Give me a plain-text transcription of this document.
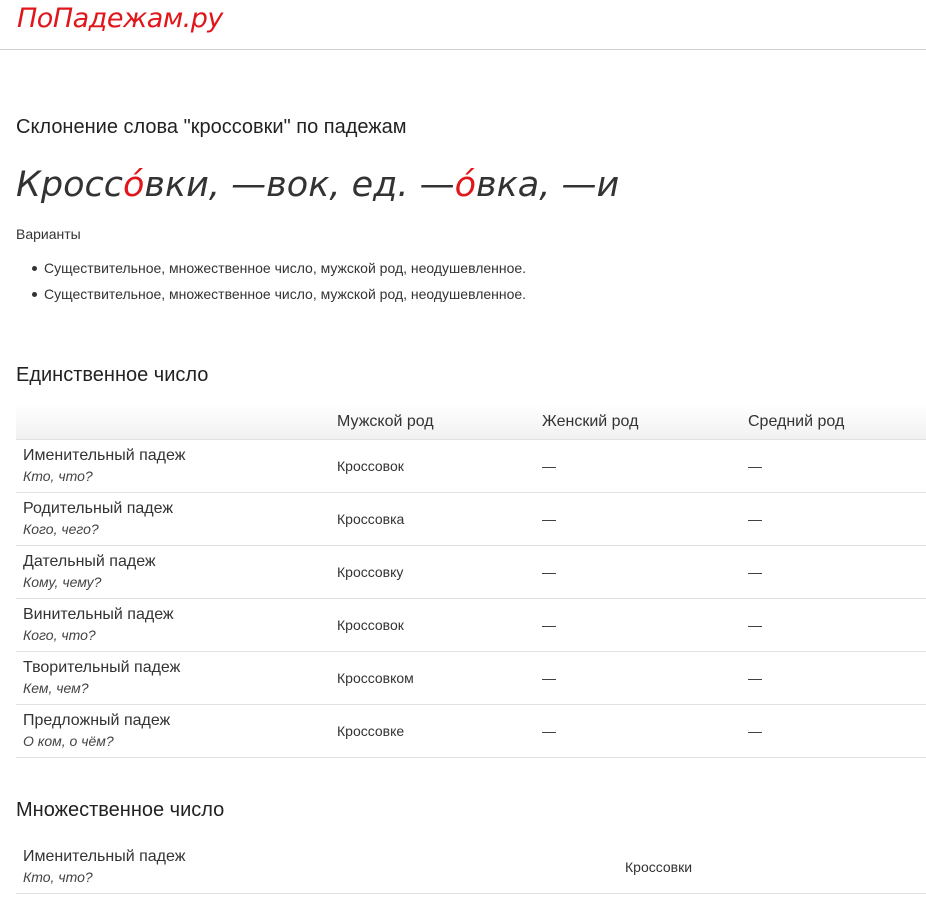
ПоПадежам.ру
Склонение слова "кроссовки" по падежам
Кроссо́вки, —вок, ед. —о́вка, —и
Варианты
Существительное, множественное число, мужской род, неодушевленное.
Существительное, множественное число, мужской род, неодушевленное.
Единственное число
	Мужской род	Женский род	Средний род

Именительный падеж
Кто, что?	Кроссовок	—	—

Родительный падеж
Кого, чего?	Кроссовка	—	—

Дательный падеж
Кому, чему?	Кроссовку	—	—

Винительный падеж
Кого, что?	Кроссовок	—	—

Творительный падеж
Кем, чем?	Кроссовком	—	—

Предложный падеж
О ком, о чём?	Кроссовке	—	—
Множественное число
Именительный падеж
Кто, что?
	Кроссовки
